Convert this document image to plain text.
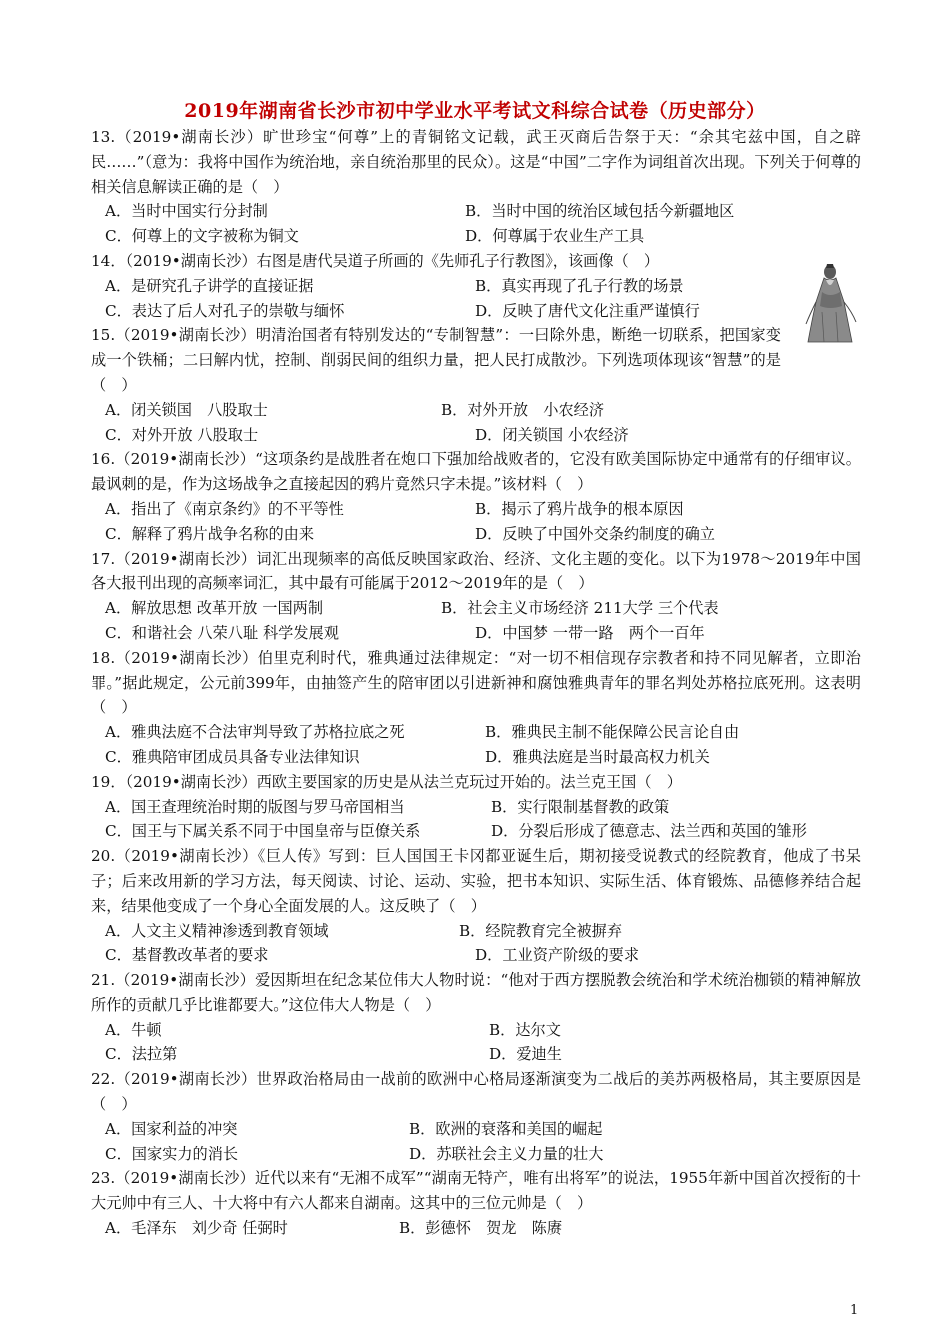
2019年湖南省长沙市初中学业水平考试文科综合试卷（历史部分）

13.（2019•湖南长沙）旷世珍宝“何尊”上的青铜铭文记载，武王灭商后告祭于天：“余其宅兹中国，自之辟民……”（意为：我将中国作为统治地，亲自统治那里的民众）。这是“中国”二字作为词组首次出现。下列关于何尊的相关信息解读正确的是（　）

A．当时中国实行分封制	B．当时中国的统治区域包括今新疆地区
C．何尊上的文字被称为铜文	D．何尊属于农业生产工具

14．（2019•湖南长沙）右图是唐代吴道子所画的《先师孔子行教图》，该画像（　）

A．是研究孔子讲学的直接证据	B．真实再现了孔子行教的场景
C．表达了后人对孔子的崇敬与缅怀	D．反映了唐代文化注重严谨慎行

15.（2019•湖南长沙）明清治国者有特别发达的“专制智慧”：一曰除外患，断绝一切联系，把国家变成一个铁桶；二曰解内忧，控制、削弱民间的组织力量，把人民打成散沙。下列选项体现该“智慧”的是（　）

A．闭关锁国　八股取士	B．对外开放　小农经济
C．对外开放 八股取士	D．闭关锁国 小农经济

16.（2019•湖南长沙）“这项条约是战胜者在炮口下强加给战败者的，它没有欧美国际协定中通常有的仔细审议。最讽刺的是，作为这场战争之直接起因的鸦片竟然只字未提。”该材料（　）

A．指出了《南京条约》的不平等性	B．揭示了鸦片战争的根本原因
C．解释了鸦片战争名称的由来	D．反映了中国外交条约制度的确立

17.（2019•湖南长沙）词汇出现频率的高低反映国家政治、经济、文化主题的变化。以下为1978～2019年中国各大报刊出现的高频率词汇，其中最有可能属于2012～2019年的是（　）

A．解放思想 改革开放 一国两制	B．社会主义市场经济 211大学 三个代表
C．和谐社会 八荣八耻 科学发展观	D．中国梦 一带一路　两个一百年

18.（2019•湖南长沙）伯里克利时代，雅典通过法律规定：“对一切不相信现存宗教者和持不同见解者，立即治罪。”据此规定，公元前399年，由抽签产生的陪审团以引进新神和腐蚀雅典青年的罪名判处苏格拉底死刑。这表明（　）

A．雅典法庭不合法审判导致了苏格拉底之死	B．雅典民主制不能保障公民言论自由
C．雅典陪审团成员具备专业法律知识	D．雅典法庭是当时最高权力机关

19．（2019•湖南长沙）西欧主要国家的历史是从法兰克玩过开始的。法兰克王国（　）

A．国王查理统治时期的版图与罗马帝国相当	B．实行限制基督教的政策
C．国王与下属关系不同于中国皇帝与臣僚关系	D．分裂后形成了德意志、法兰西和英国的雏形

20.（2019•湖南长沙）《巨人传》写到：巨人国国王卡冈都亚诞生后，期初接受说教式的经院教育，他成了书呆子；后来改用新的学习方法，每天阅读、讨论、运动、实验，把书本知识、实际生活、体育锻炼、品德修养结合起来，结果他变成了一个身心全面发展的人。这反映了（　）

A．人文主义精神渗透到教育领域	B．经院教育完全被摒弃
C．基督教改革者的要求	D．工业资产阶级的要求

21.（2019•湖南长沙）爱因斯坦在纪念某位伟大人物时说：“他对于西方摆脱教会统治和学术统治枷锁的精神解放所作的贡献几乎比谁都要大。”这位伟大人物是（　）

A．牛顿	B．达尔文
C．法拉第	D．爱迪生

22.（2019•湖南长沙）世界政治格局由一战前的欧洲中心格局逐渐演变为二战后的美苏两极格局，其主要原因是（　）

A．国家利益的冲突	B．欧洲的衰落和美国的崛起
C．国家实力的消长	D．苏联社会主义力量的壮大

23.（2019•湖南长沙）近代以来有“无湘不成军”“湖南无特产，唯有出将军”的说法，1955年新中国首次授衔的十大元帅中有三人、十大将中有六人都来自湖南。这其中的三位元帅是（　）

A．毛泽东　刘少奇 任弼时	B．彭德怀　贺龙　陈赓
1
